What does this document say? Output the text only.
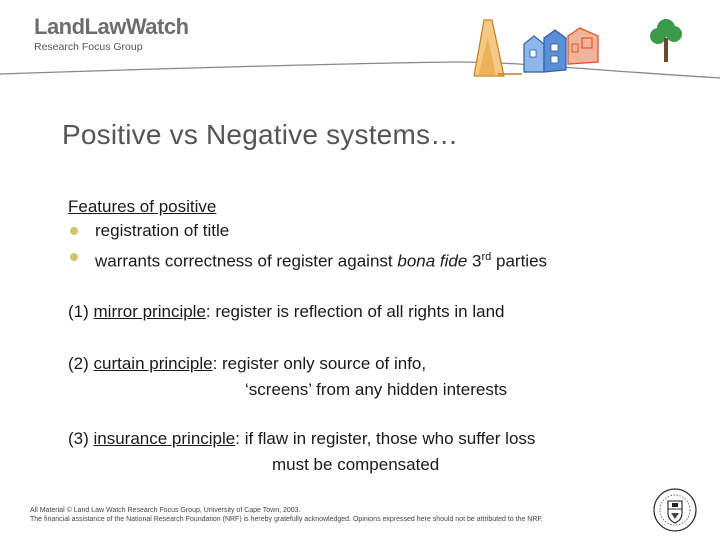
LandLawWatch
Research Focus Group
Positive vs Negative systems…

Features of positive

registration of title
warrants correctness of register against bona fide 3rd parties

(1) mirror principle: register is reflection of all rights in land

(2) curtain principle: register only source of info,
‘screens’ from any hidden interests

(3) insurance principle: if flaw in register, those who suffer loss
must be compensated

All Material © Land Law Watch Research Focus Group, University of Cape Town, 2003.
The financial assistance of the National Research Foundation (NRF) is hereby gratefully acknowledged. Opinions expressed here should not be attributed to the NRF.
